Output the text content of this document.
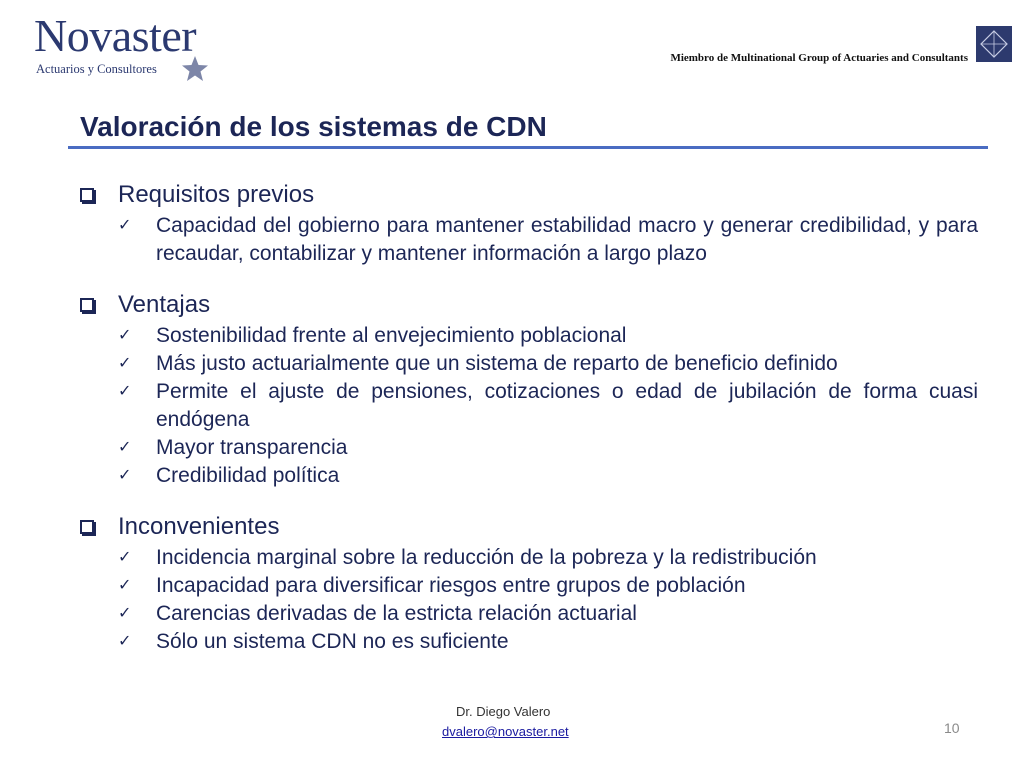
Novaster
Actuarios y Consultores
Miembro de Multinational Group of Actuaries and Consultants
Valoración de los sistemas de CDN
Requisitos previos
✓ Capacidad del gobierno para mantener estabilidad macro y generar credibilidad, y para recaudar, contabilizar y mantener información a largo plazo
Ventajas
✓ Sostenibilidad frente al envejecimiento poblacional
✓ Más justo actuarialmente que un sistema de reparto de beneficio definido
✓ Permite el ajuste de pensiones, cotizaciones o edad de jubilación de forma cuasi endógena
✓ Mayor transparencia
✓ Credibilidad política
Inconvenientes
✓ Incidencia marginal sobre la reducción de la pobreza y la redistribución
✓ Incapacidad para diversificar riesgos entre grupos de población
✓ Carencias derivadas de la estricta relación actuarial
✓ Sólo un sistema CDN no es suficiente
Dr. Diego Valero
dvalero@novaster.net	10
